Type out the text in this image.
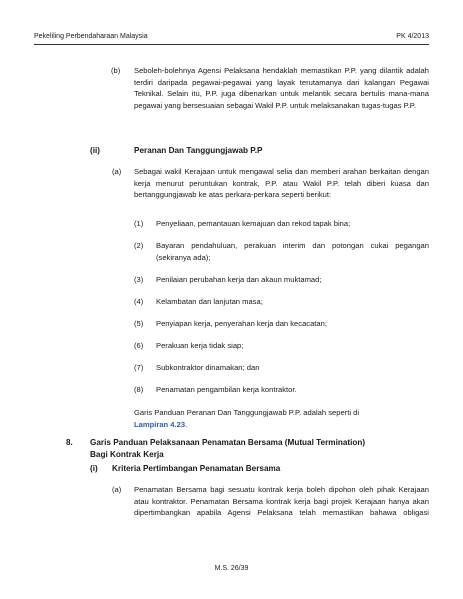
Pekeliling Perbendaharaan Malaysia	PK 4/2013
(b) Seboleh-bolehnya Agensi Pelaksana hendaklah memastikan P.P. yang dilantik adalah terdiri daripada pegawai-pegawai yang layak terutamanya dari kalangan Pegawai Teknikal. Selain itu, P.P. juga dibenarkan untuk melantik secara bertulis mana-mana pegawai yang bersesuaian sebagai Wakil P.P. untuk melaksanakan tugas-tugas P.P.
(ii)	Peranan Dan Tanggungjawab P.P
(a) Sebagai wakil Kerajaan untuk mengawal selia dan memberi arahan berkaitan dengan kerja menurut peruntukan kontrak, P.P. atau Wakil P.P. telah diberi kuasa dan bertanggungjawab ke atas perkara-perkara seperti berikut:
(1) Penyeliaan, pemantauan kemajuan dan rekod tapak bina;
(2) Bayaran pendahuluan, perakuan interim dan potongan cukai pegangan (sekiranya ada);
(3) Penilaian perubahan kerja dan akaun muktamad;
(4) Kelambatan dan lanjutan masa;
(5) Penyiapan kerja, penyerahan kerja dan kecacatan;
(6) Perakuan kerja tidak siap;
(7) Subkontraktor dinamakan; dan
(8) Penamatan pengambilan kerja kontraktor.
Garis Panduan Peranan Dan Tanggungjawab P.P. adalah seperti di
Lampiran 4.23.
8. Garis Panduan Pelaksanaan Penamatan Bersama (Mutual Termination)
Bagi Kontrak Kerja
(i) Kriteria Pertimbangan Penamatan Bersama
(a) Penamatan Bersama bagi sesuatu kontrak kerja boleh dipohon oleh pihak Kerajaan atau kontraktor. Penamatan Bersama kontrak kerja bagi projek Kerajaan hanya akan dipertimbangkan apabila Agensi Pelaksana telah memastikan bahawa obligasi
M.S. 26/39
